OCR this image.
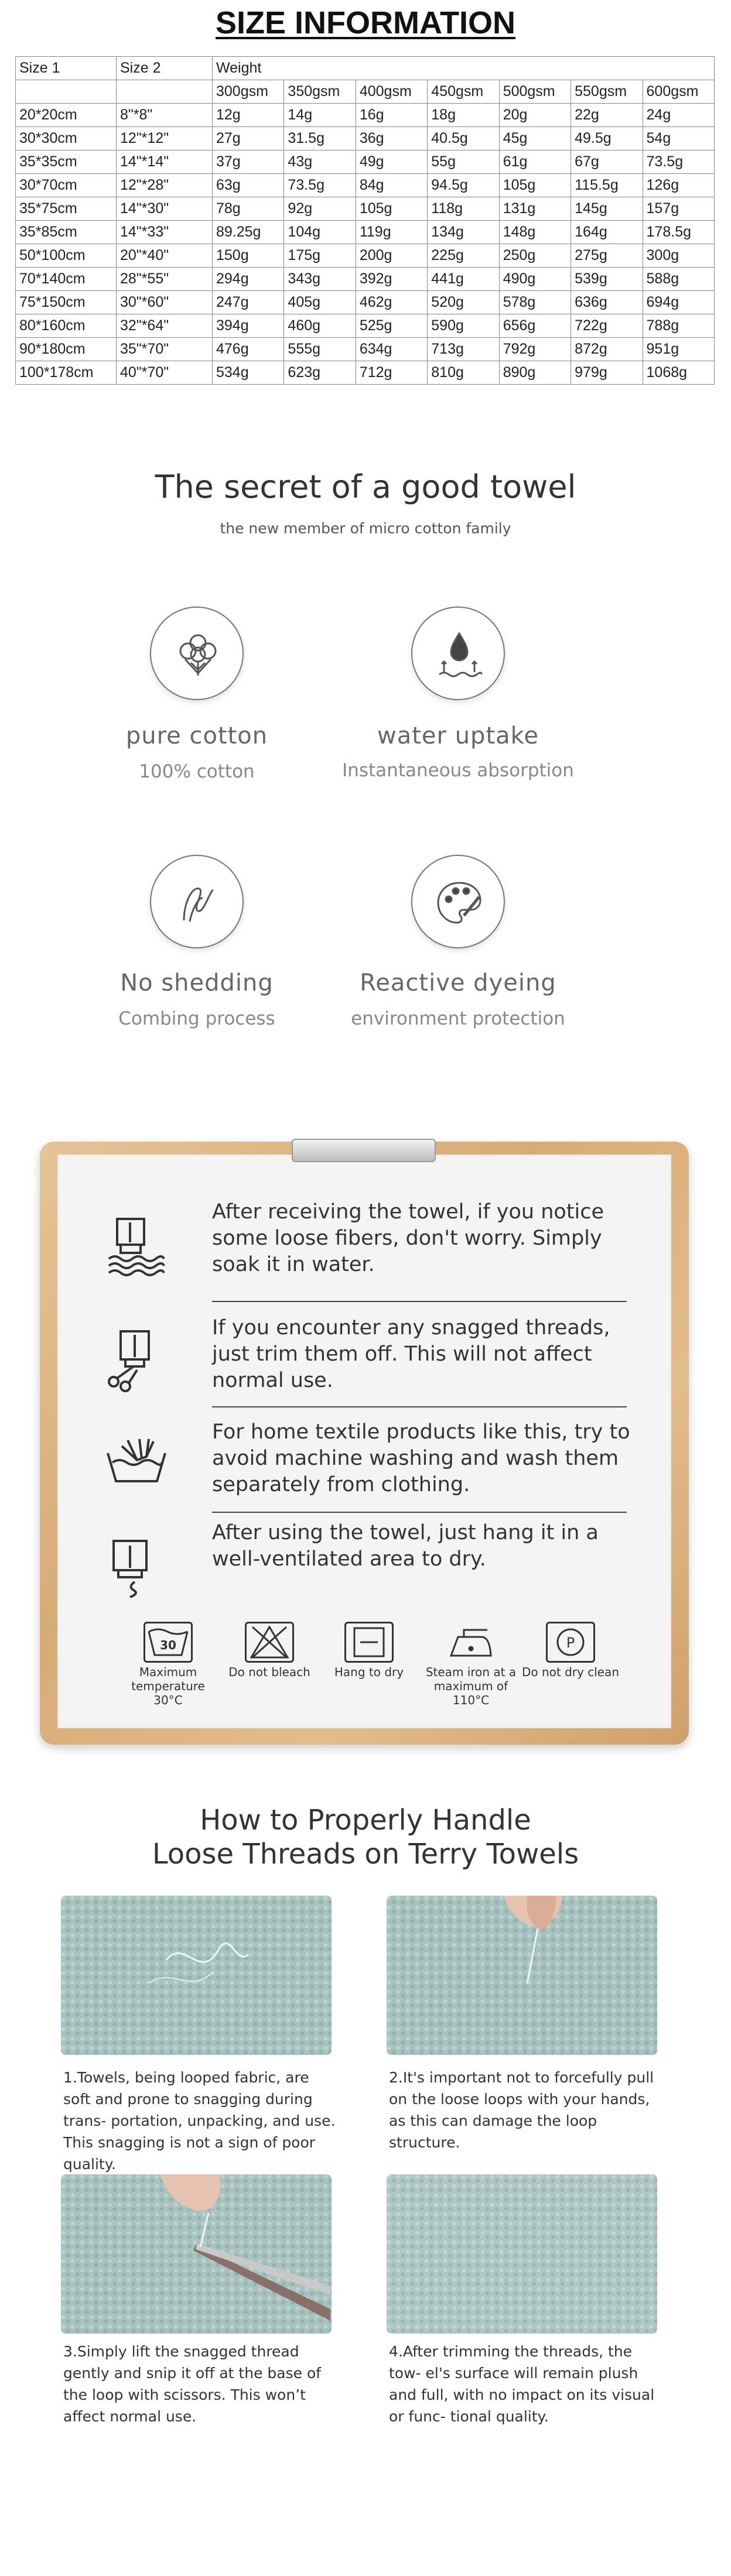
SIZE INFORMATION
Size 1	Size 2	Weight						
		300gsm	350gsm	400gsm	450gsm	500gsm	550gsm	600gsm
20*20cm	8"*8"	12g	14g	16g	18g	20g	22g	24g
30*30cm	12"*12"	27g	31.5g	36g	40.5g	45g	49.5g	54g
35*35cm	14"*14"	37g	43g	49g	55g	61g	67g	73.5g
30*70cm	12"*28"	63g	73.5g	84g	94.5g	105g	115.5g	126g
35*75cm	14"*30"	78g	92g	105g	118g	131g	145g	157g
35*85cm	14"*33"	89.25g	104g	119g	134g	148g	164g	178.5g
50*100cm	20"*40"	150g	175g	200g	225g	250g	275g	300g
70*140cm	28"*55"	294g	343g	392g	441g	490g	539g	588g
75*150cm	30"*60"	247g	405g	462g	520g	578g	636g	694g
80*160cm	32"*64"	394g	460g	525g	590g	656g	722g	788g
90*180cm	35"*70"	476g	555g	634g	713g	792g	872g	951g
100*178cm	40"*70"	534g	623g	712g	810g	890g	979g	1068g
The secret of a good towel
the new member of micro cotton family
pure cotton
100% cotton
water uptake
Instantaneous absorption
No shedding
Combing process
Reactive dyeing
environment protection
After receiving the towel, if you notice some loose fibers, don't worry. Simply soak it in water.
If you encounter any snagged threads, just trim them off. This will not affect normal use.
For home textile products like this, try to avoid machine washing and wash them separately from clothing.
After using the towel, just hang it in a well-ventilated area to dry.
30
Maximum temperature 30°C
Do not bleach	Hang to dry	Steam iron at a maximum of 110°C
P
Do not dry clean
How to Properly Handle
Loose Threads on Terry Towels
1.Towels, being looped fabric, are soft and prone to snagging during trans- portation, unpacking, and use. This snagging is not a sign of poor quality.
2.It's important not to forcefully pull on the loose loops with your hands, as this can damage the loop structure.
3.Simply lift the snagged thread gently and snip it off at the base of the loop with scissors. This won’t affect normal use.
4.After trimming the threads, the tow- el's surface will remain plush and full, with no impact on its visual or func- tional quality.
